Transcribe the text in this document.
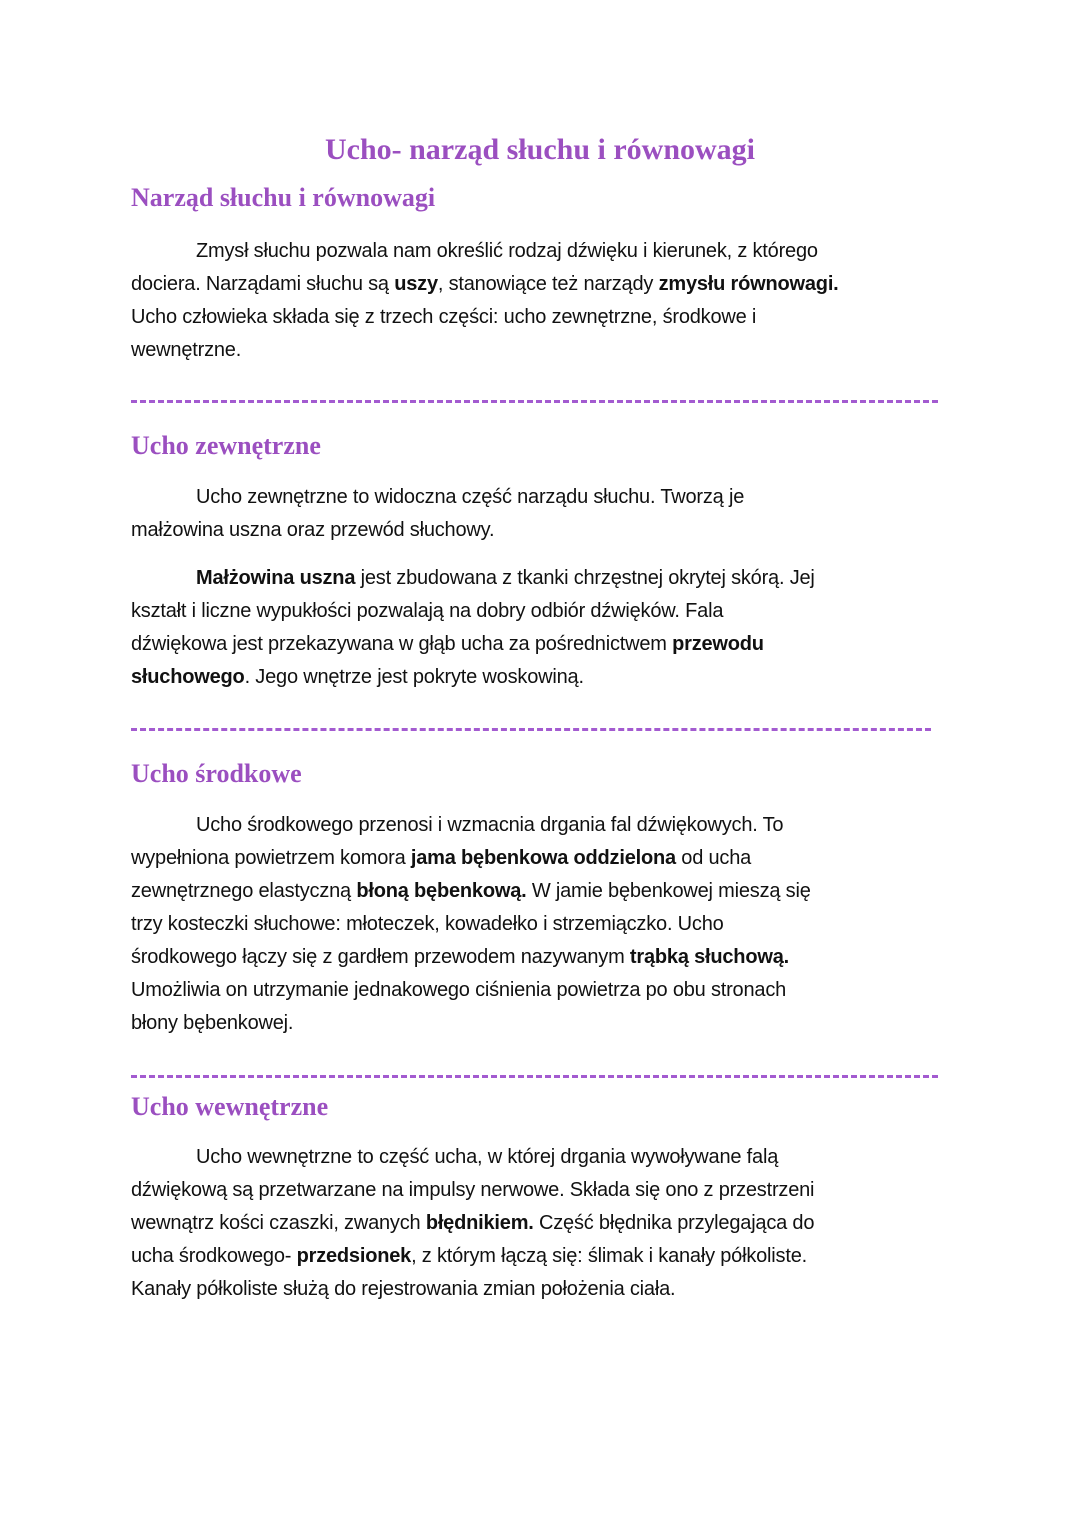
Ucho- narząd słuchu i równowagi
Narząd słuchu i równowagi
Zmysł słuchu pozwala nam określić rodzaj dźwięku i kierunek, z którego
dociera. Narządami słuchu są uszy, stanowiące też narządy zmysłu równowagi.
Ucho człowieka składa się z trzech części: ucho zewnętrzne, środkowe i
wewnętrzne.
Ucho zewnętrzne
Ucho zewnętrzne to widoczna część narządu słuchu. Tworzą je
małżowina uszna oraz przewód słuchowy.
Małżowina uszna jest zbudowana z tkanki chrzęstnej okrytej skórą. Jej
kształt i liczne wypukłości pozwalają na dobry odbiór dźwięków. Fala
dźwiękowa jest przekazywana w głąb ucha za pośrednictwem przewodu
słuchowego. Jego wnętrze jest pokryte woskowiną.
Ucho środkowe
Ucho środkowego przenosi i wzmacnia drgania fal dźwiękowych. To
wypełniona powietrzem komora jama bębenkowa oddzielona od ucha
zewnętrznego elastyczną błoną bębenkową. W jamie bębenkowej mieszą się
trzy kosteczki słuchowe: młoteczek, kowadełko i strzemiączko. Ucho
środkowego łączy się z gardłem przewodem nazywanym trąbką słuchową.
Umożliwia on utrzymanie jednakowego ciśnienia powietrza po obu stronach
błony bębenkowej.
Ucho wewnętrzne
Ucho wewnętrzne to część ucha, w której drgania wywoływane falą
dźwiękową są przetwarzane na impulsy nerwowe. Składa się ono z przestrzeni
wewnątrz kości czaszki, zwanych błędnikiem. Część błędnika przylegająca do
ucha środkowego- przedsionek, z którym łączą się: ślimak i kanały półkoliste.
Kanały półkoliste służą do rejestrowania zmian położenia ciała.
